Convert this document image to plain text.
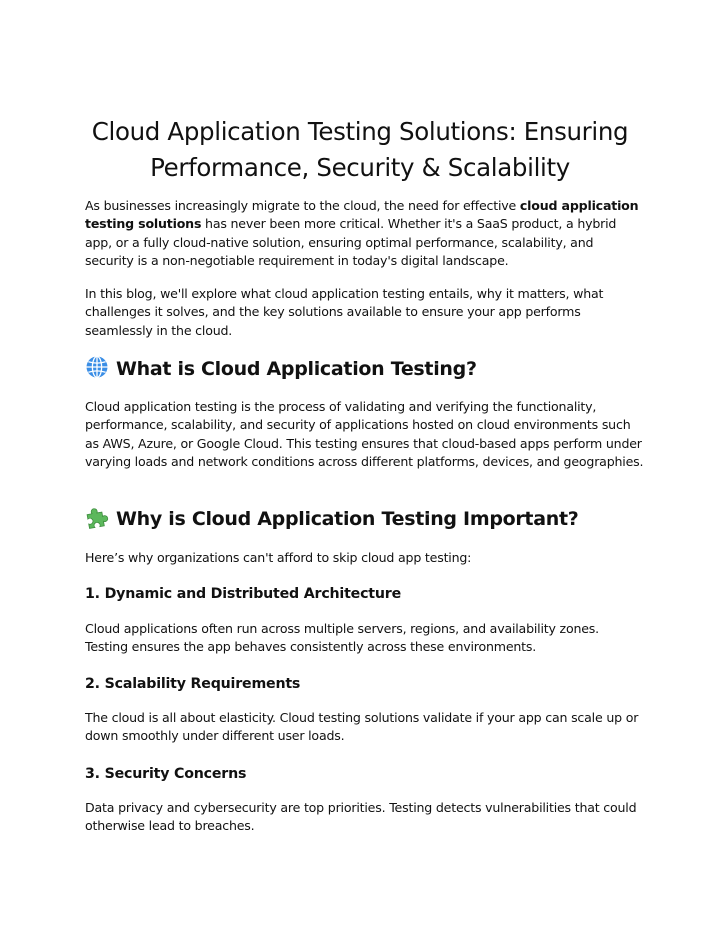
Cloud Application Testing Solutions: Ensuring
Performance, Security & Scalability

As businesses increasingly migrate to the cloud, the need for effective cloud application testing solutions has never been more critical. Whether it's a SaaS product, a hybrid app, or a fully cloud-native solution, ensuring optimal performance, scalability, and security is a non-negotiable requirement in today's digital landscape.

In this blog, we'll explore what cloud application testing entails, why it matters, what challenges it solves, and the key solutions available to ensure your app performs seamlessly in the cloud.

What is Cloud Application Testing?

Cloud application testing is the process of validating and verifying the functionality, performance, scalability, and security of applications hosted on cloud environments such as AWS, Azure, or Google Cloud. This testing ensures that cloud-based apps perform under varying loads and network conditions across different platforms, devices, and geographies.

Why is Cloud Application Testing Important?

Here’s why organizations can't afford to skip cloud app testing:

1. Dynamic and Distributed Architecture

Cloud applications often run across multiple servers, regions, and availability zones. Testing ensures the app behaves consistently across these environments.

2. Scalability Requirements

The cloud is all about elasticity. Cloud testing solutions validate if your app can scale up or down smoothly under different user loads.

3. Security Concerns

Data privacy and cybersecurity are top priorities. Testing detects vulnerabilities that could otherwise lead to breaches.
